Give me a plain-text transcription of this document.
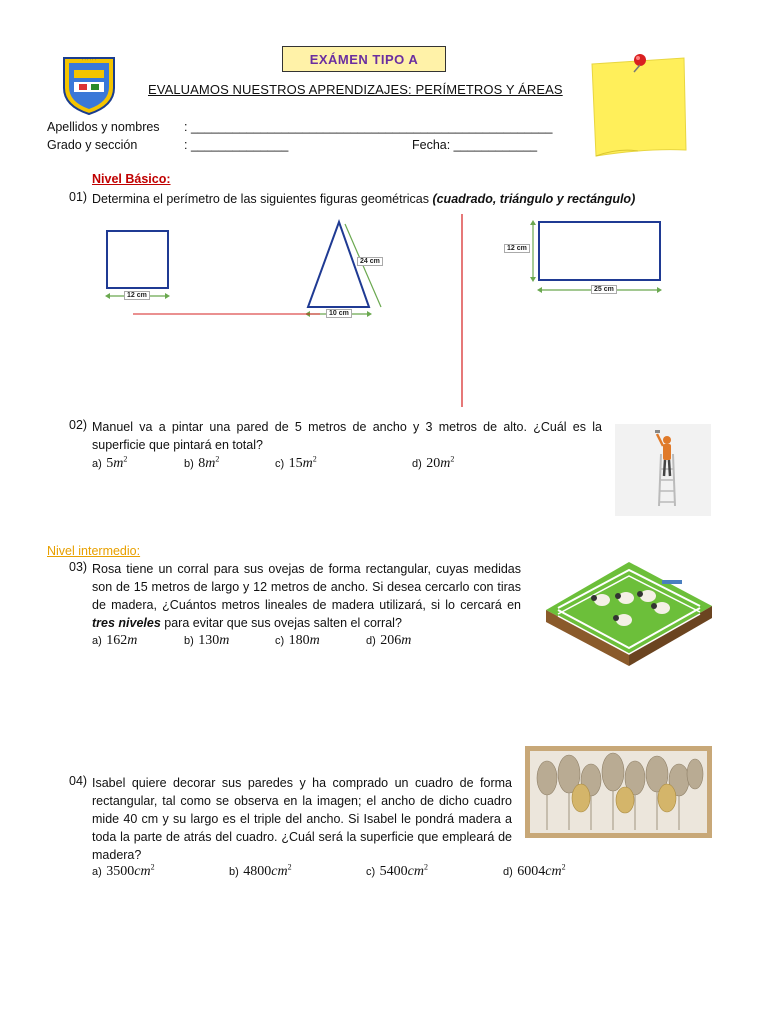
· · · · · ·	EXÁMEN TIPO A
EVALUAMOS NUESTROS APRENDIZAJES: PERÍMETROS Y ÁREAS
Apellidos y nombres : ____________________________________________________
Grado y sección	: ______________	Fecha: ____________
Nivel Básico:
01) Determina el perímetro de las siguientes figuras geométricas (cuadrado, triángulo y rectángulo)
12 cm
24 cm
10 cm
12 cm
25 cm
02) Manuel va a pintar una pared de 5 metros de ancho y 3 metros de alto. ¿Cuál es la superficie que pintará en total?
a) $5m^2$	b) $8m^2$	c) $15m^2$	d) $20m^2$
Nivel intermedio:
03) Rosa tiene un corral para sus ovejas de forma rectangular, cuyas medidas son de 15 metros de largo y 12 metros de ancho. Si desea cercarlo con tiras de madera, ¿Cuántos metros lineales de madera utilizará, si lo cercará en tres niveles para evitar que sus ovejas salten el corral?
a) 162m	b) 130m	c) 180m	d) 206m
04) Isabel quiere decorar sus paredes y ha comprado un cuadro de forma rectangular, tal como se observa en la imagen; el ancho de dicho cuadro mide 40 cm y su largo es el triple del ancho. Si Isabel le pondrá madera a toda la parte de atrás del cuadro. ¿Cuál será la superficie que empleará de madera?
a) $3500cm^2$	b) $4800cm^2$	c) $5400cm^2$	d) $6004cm^2$
